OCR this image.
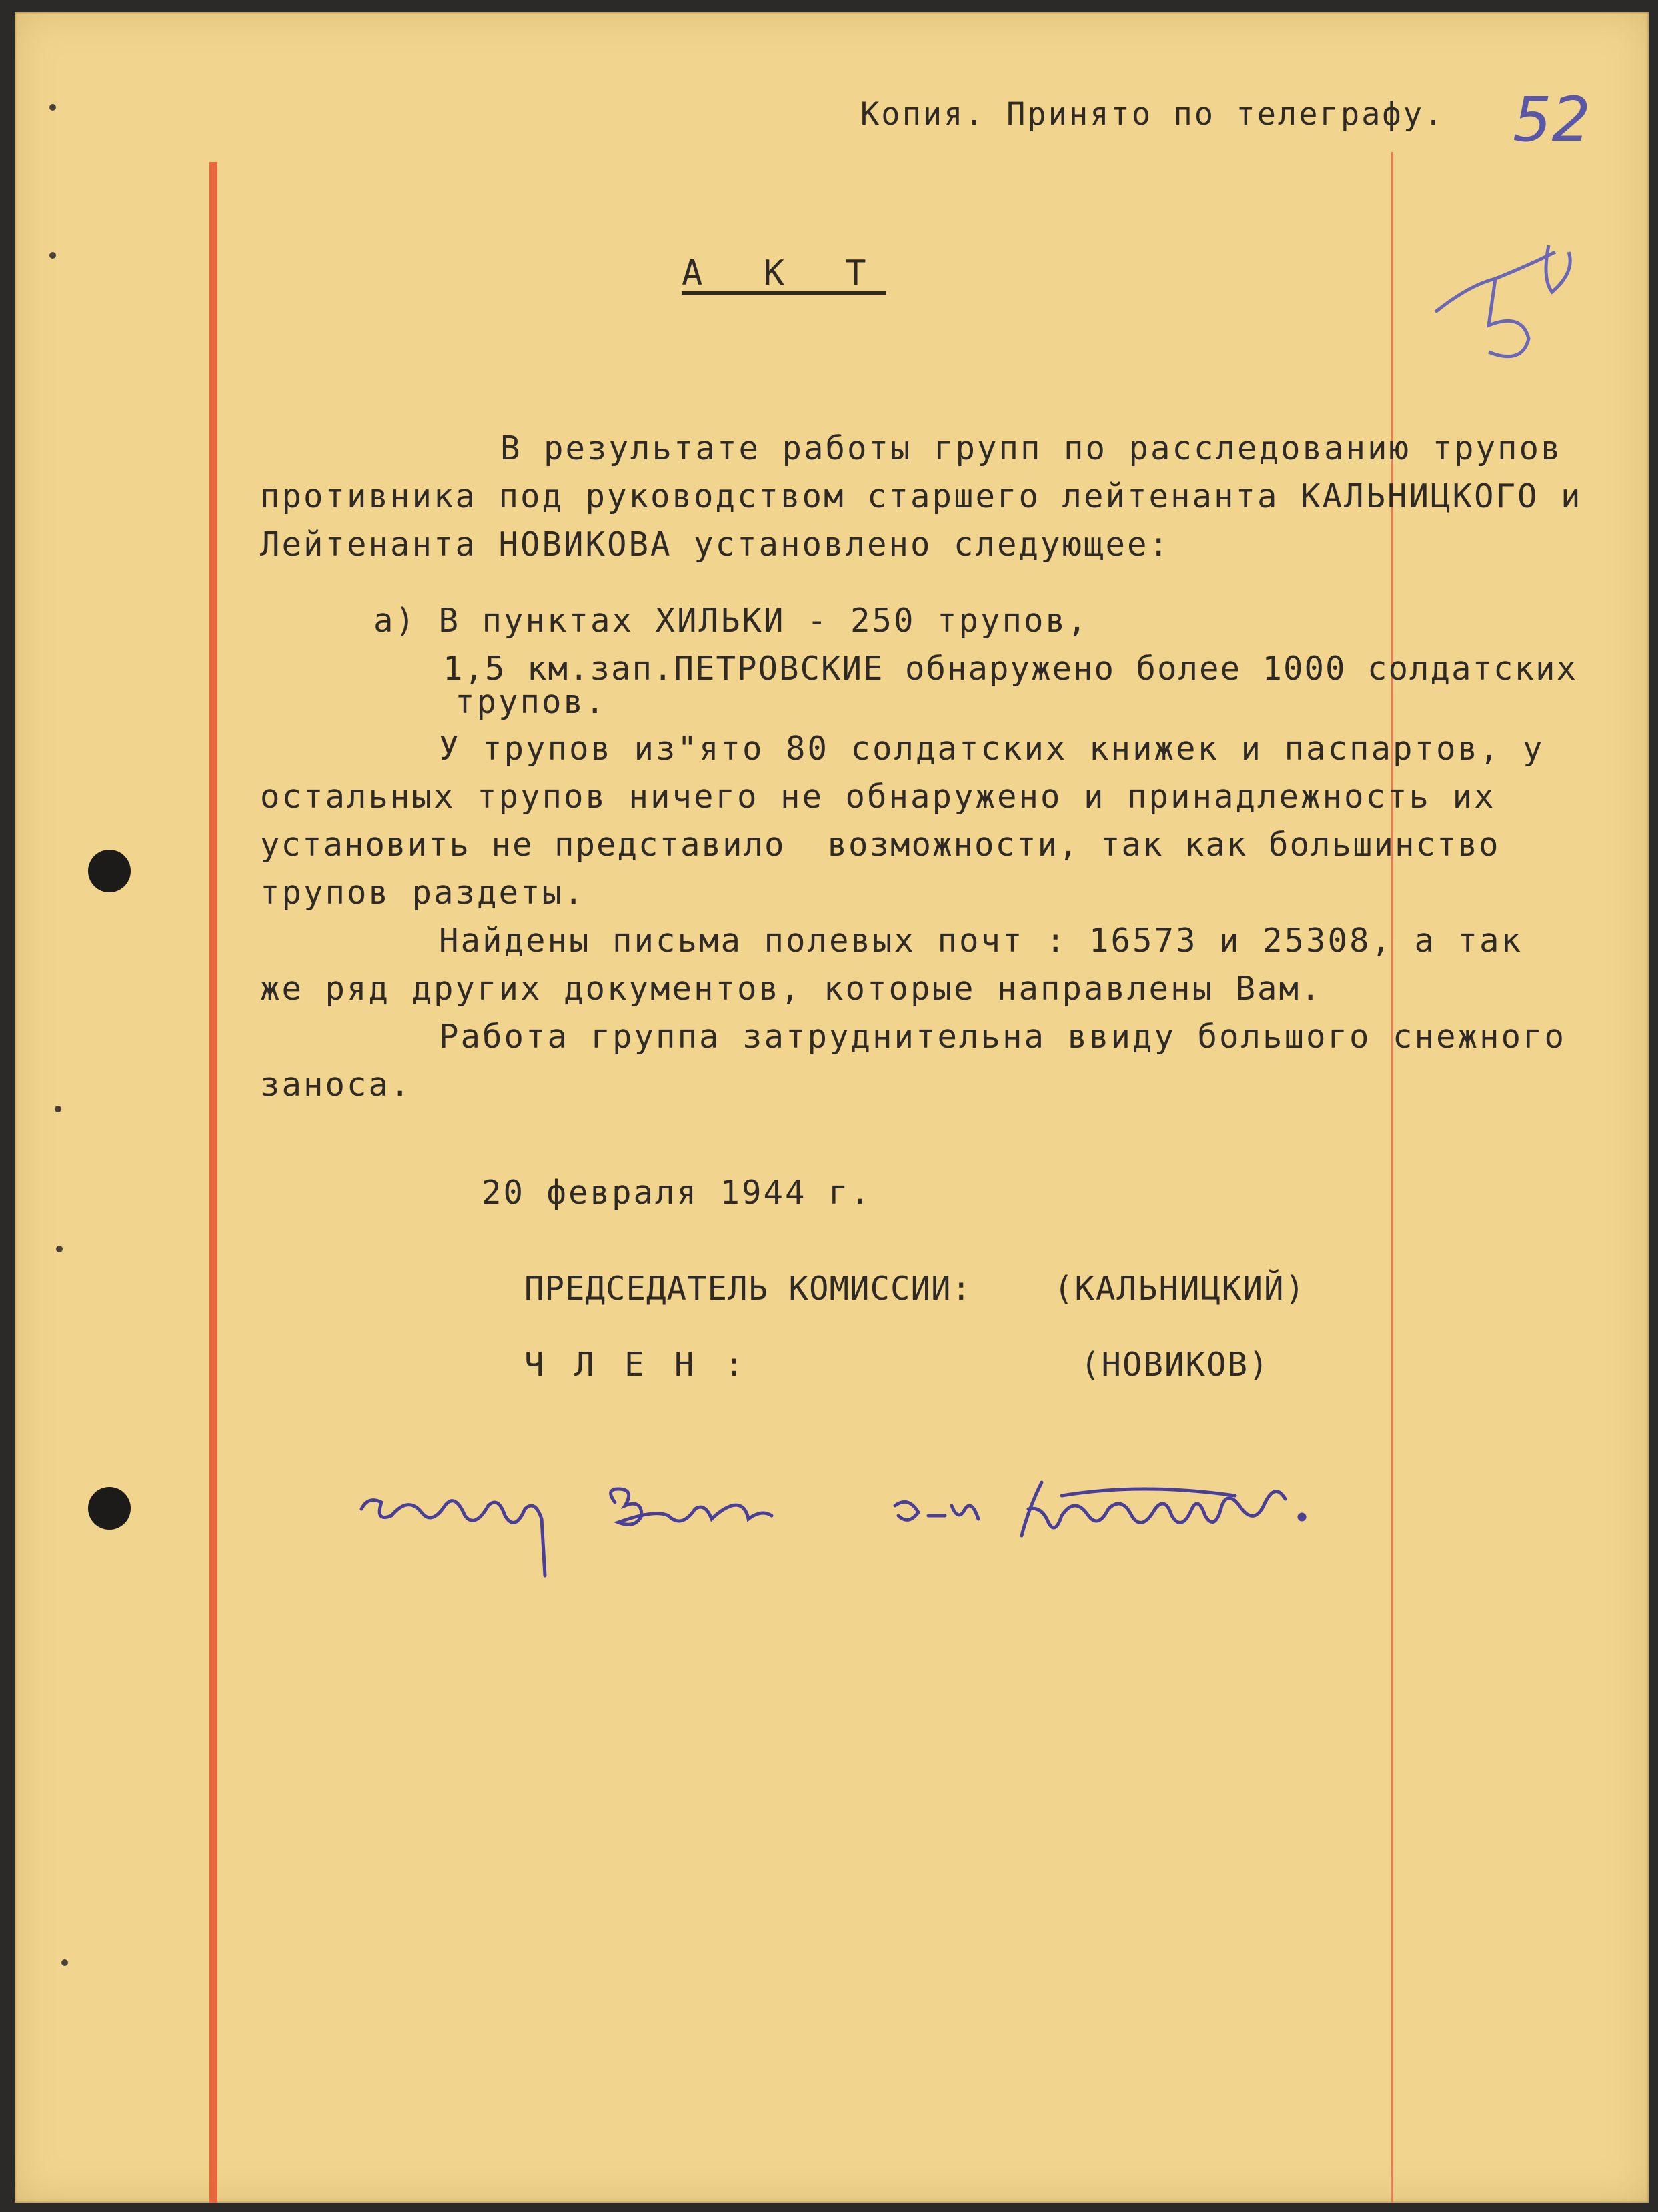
Копия. Принято по телеграфу. 52
А К Т
В результате работы групп по расследованию трупов
противника под руководством старшего лейтенанта КАЛЬНИЦКОГО и
Лейтенанта НОВИКОВА установлено следующее:
а) В пунктах ХИЛЬКИ - 250 трупов,
1,5 км.зап.ПЕТРОВСКИЕ обнаружено более 1000 солдатских
трупов.
У трупов из"ято 80 солдатских книжек и паспартов, у
остальных трупов ничего не обнаружено и принадлежность их
установить не представило  возможности, так как большинство
трупов раздеты.
Найдены письма полевых почт : 16573 и 25308, а так
же ряд других документов, которые направлены Вам.
Работа группа затруднительна ввиду большого снежного
заноса.
20 февраля 1944 г.
ПРЕДСЕДАТЕЛЬ КОМИССИИ:	(КАЛЬНИЦКИЙ)
Ч Л Е Н :	(НОВИКОВ)
